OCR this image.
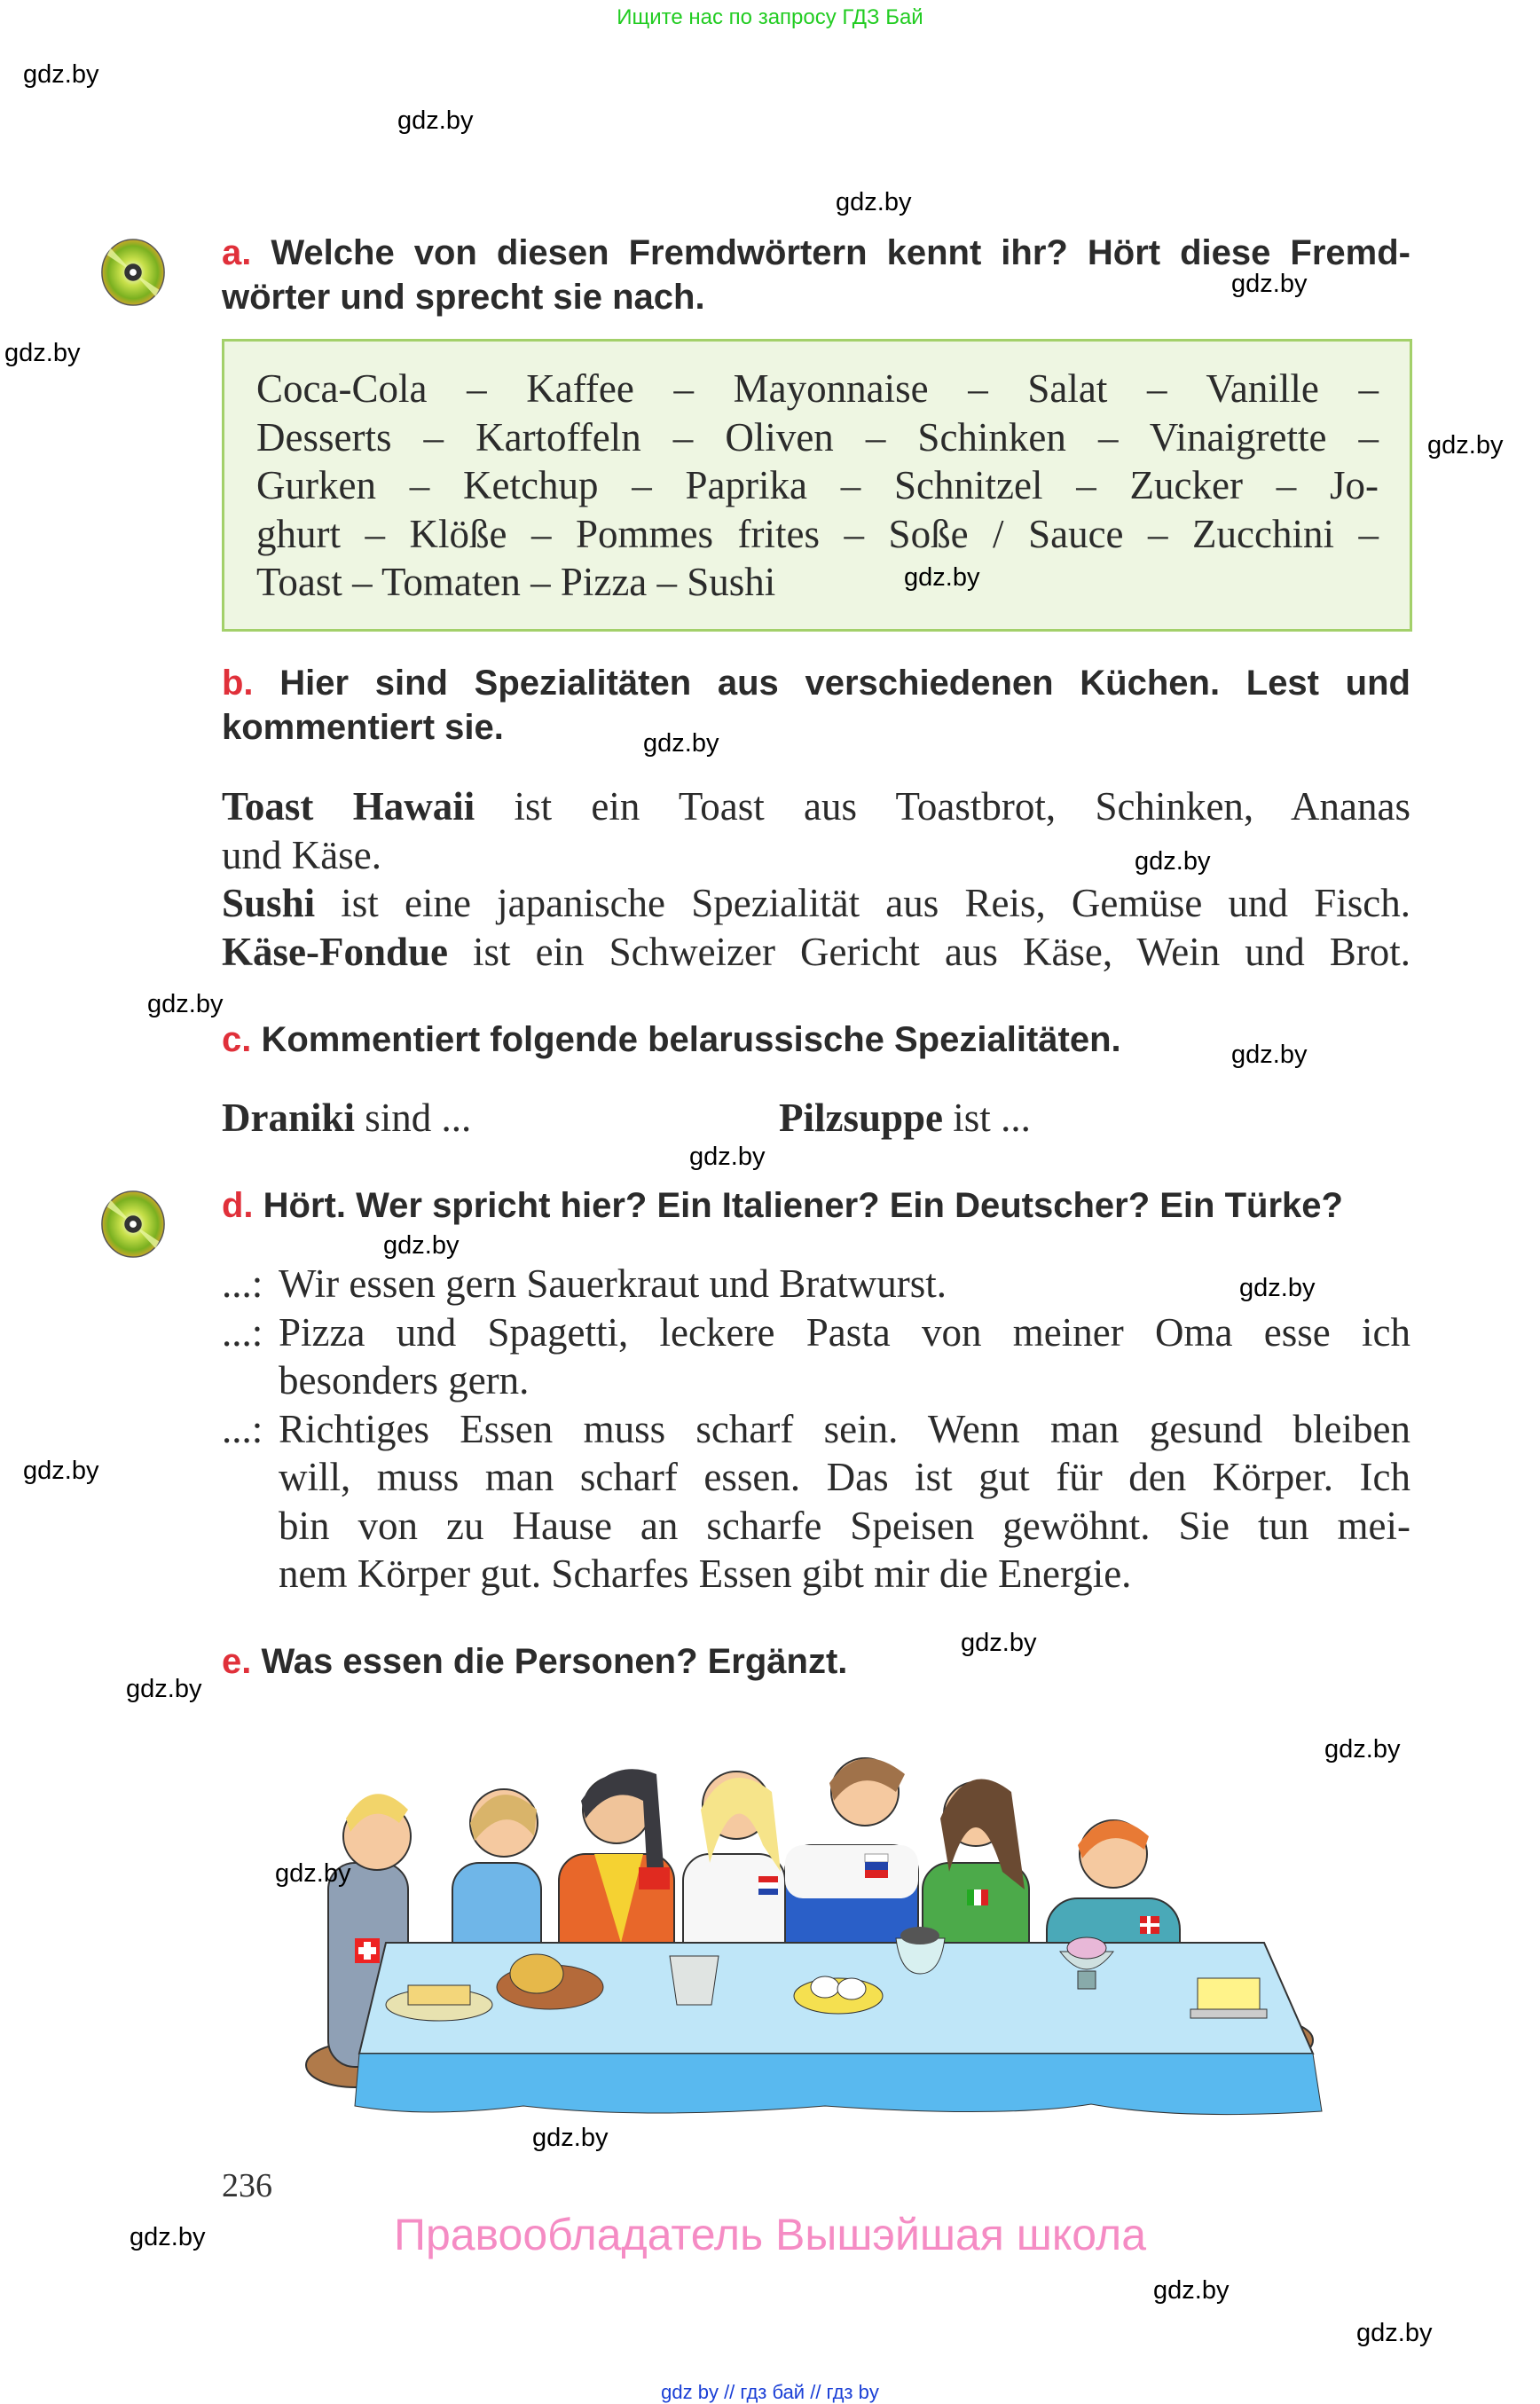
Ищите нас по запросу ГДЗ Бай
gdz.by
gdz.by
gdz.by
gdz.by
gdz.by
gdz.by
gdz.by
gdz.by
gdz.by
gdz.by
gdz.by
gdz.by
gdz.by
gdz.by
gdz.by
gdz.by
gdz.by
gdz.by
gdz.by
gdz.by
gdz.by
gdz.by
gdz.by
a. Welche von diesen Fremdwörtern kennt ihr? Hört diese Fremd-
wörter und sprecht sie nach.
Coca-Cola – Kaffee – Mayonnaise – Salat – Vanille –
Desserts – Kartoffeln – Oliven – Schinken – Vinaigrette –
Gurken – Ketchup – Paprika – Schnitzel – Zucker – Jo-
ghurt – Klöße – Pommes frites – Soße / Sauce – Zucchini –
Toast – Tomaten – Pizza – Sushi
b. Hier sind Spezialitäten aus verschiedenen Küchen. Lest und
kommentiert sie.
Toast Hawaii ist ein Toast aus Toastbrot, Schinken, Ananas
und Käse.
Sushi ist eine japanische Spezialität aus Reis, Gemüse und Fisch.
Käse-Fondue ist ein Schweizer Gericht aus Käse, Wein und Brot.
c. Kommentiert folgende belarussische Spezialitäten.
Draniki sind ...	Pilzsuppe ist ...
d. Hört. Wer spricht hier? Ein Italiener? Ein Deutscher? Ein Türke?
...: Wir essen gern Sauerkraut und Bratwurst.
...: Pizza und Spagetti, leckere Pasta von meiner Oma esse ich
besonders gern.
...: Richtiges Essen muss scharf sein. Wenn man gesund bleiben
will, muss man scharf essen. Das ist gut für den Körper. Ich
bin von zu Hause an scharfe Speisen gewöhnt. Sie tun mei-
nem Körper gut. Scharfes Essen gibt mir die Energie.
e. Was essen die Personen? Ergänzt.
236
Правообладатель Вышэйшая школа
gdz by // гдз бай // гдз by
